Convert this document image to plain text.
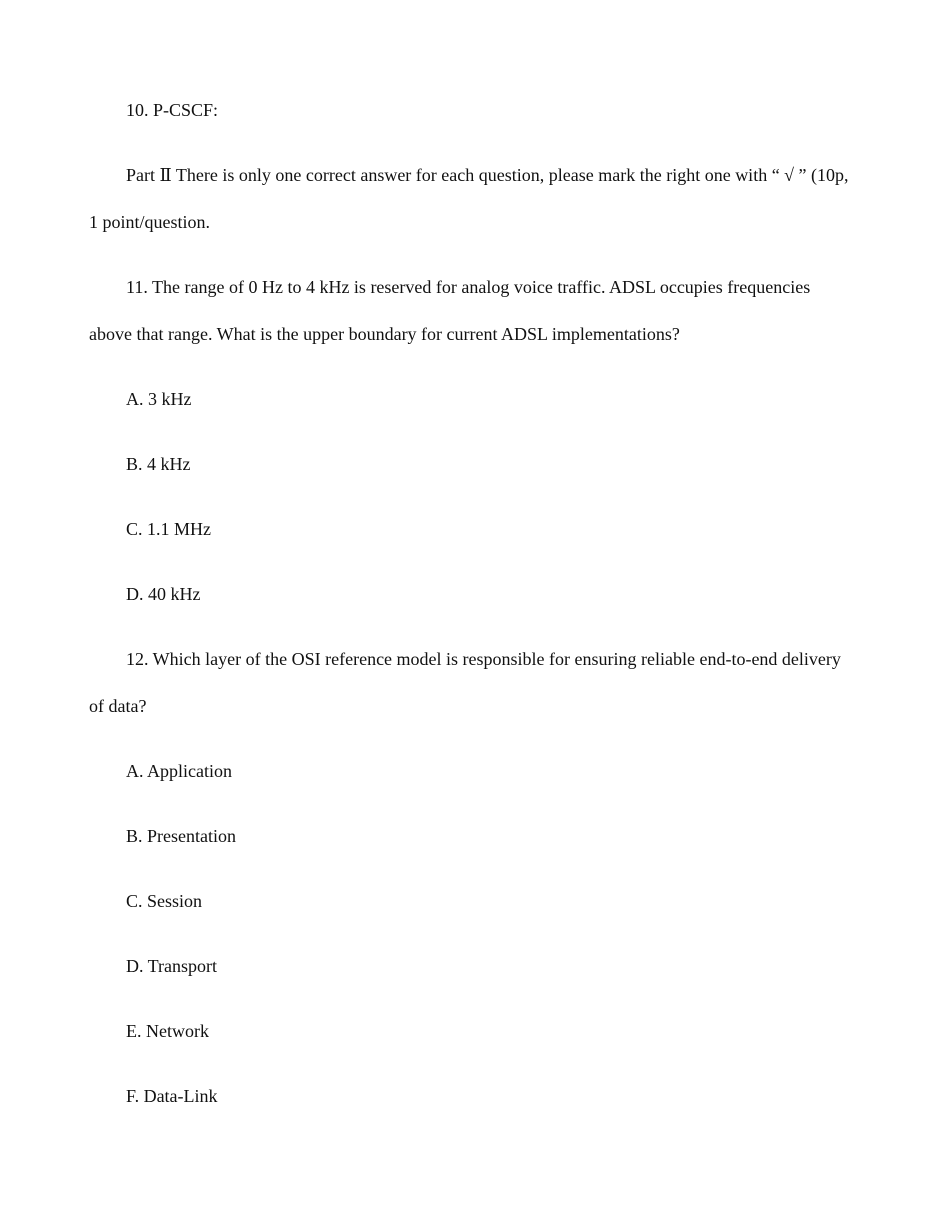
10. P-CSCF:

Part Ⅱ There is only one correct answer for each question, please mark the right one with “ √ ” (10p, 1 point/question.

11. The range of 0 Hz to 4 kHz is reserved for analog voice traffic. ADSL occupies frequencies above that range. What is the upper boundary for current ADSL implementations?

A. 3 kHz

B. 4 kHz

C. 1.1 MHz

D. 40 kHz

12. Which layer of the OSI reference model is responsible for ensuring reliable end-to-end delivery of data?

A. Application

B. Presentation

C. Session

D. Transport

E. Network

F. Data-Link
